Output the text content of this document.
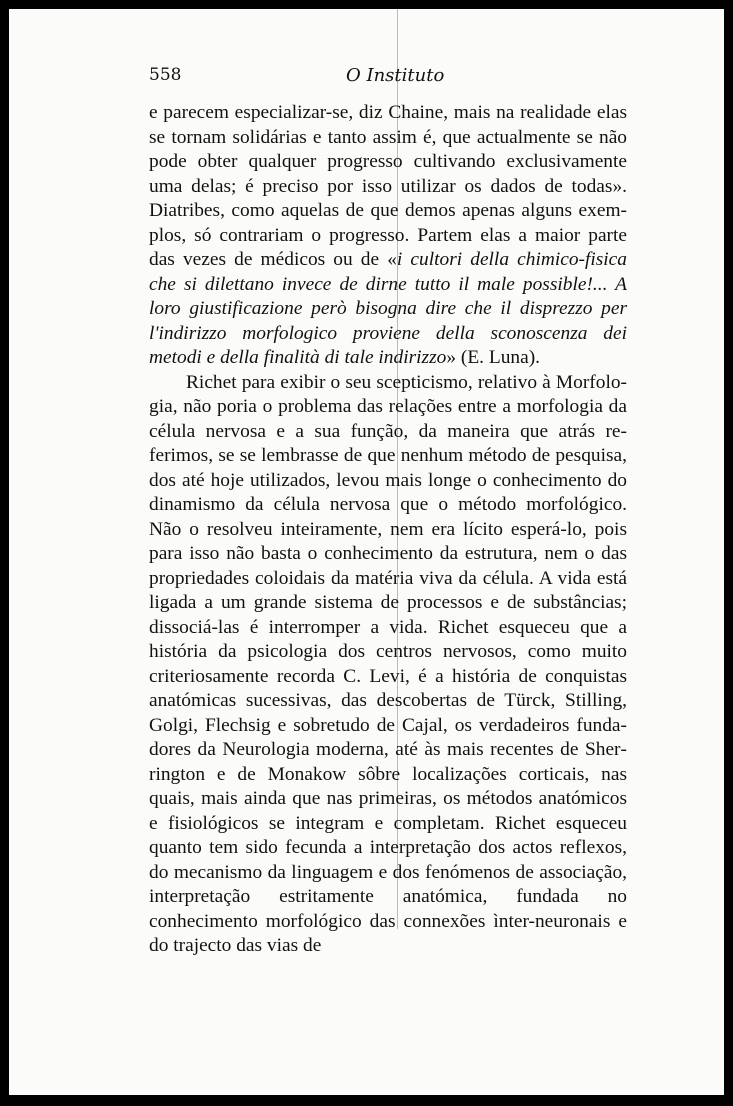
558	O Instituto

e parecem especializar-se, diz Chaine, mais na realidade elas se tornam solidárias e tanto assim é, que actualmente se não pode obter qualquer progresso cultivando exclusivamente uma delas; é preciso por isso utilizar os dados de todas». Diatribes, como aquelas de que demos apenas alguns exemplos, só contrariam o progresso. Partem elas a maior parte das vezes de médicos ou de «i cultori della chimico-fisica che si dilettano invece de dirne tutto il male possible!... A loro giustificazione però bisogna dire che il disprezzo per l'indirizzo morfologico proviene della sconoscenza dei metodi e della finalità di tale indirizzo» (E. Luna).

Richet para exibir o seu scepticismo, relativo à Morfologia, não poria o problema das relações entre a morfologia da célula nervosa e a sua função, da maneira que atrás referimos, se se lembrasse de que nenhum método de pesquisa, dos até hoje utilizados, levou mais longe o conhecimento do dinamismo da célula nervosa que o método morfológico. Não o resolveu inteiramente, nem era lícito esperá-lo, pois para isso não basta o conhecimento da estrutura, nem o das propriedades coloidais da matéria viva da célula. A vida está ligada a um grande sistema de processos e de substâncias; dissociá-las é interromper a vida. Richet esqueceu que a história da psicologia dos centros nervosos, como muito criteriosamente recorda C. Levi, é a história de conquistas anatómicas sucessivas, das descobertas de Türck, Stilling, Golgi, Flechsig e sobretudo de Cajal, os verdadeiros fundadores da Neurologia moderna, até às mais recentes de Sherrington e de Monakow sôbre localizações corticais, nas quais, mais ainda que nas primeiras, os métodos anatómicos e fisiológicos se integram e completam. Richet esqueceu quanto tem sido fecunda a interpretação dos actos reflexos, do mecanismo da linguagem e dos fenómenos de associação, interpretação estritamente anatómica, fundada no conhecimento morfológico das connexões ìnter-neuronais e do trajecto das vias de
